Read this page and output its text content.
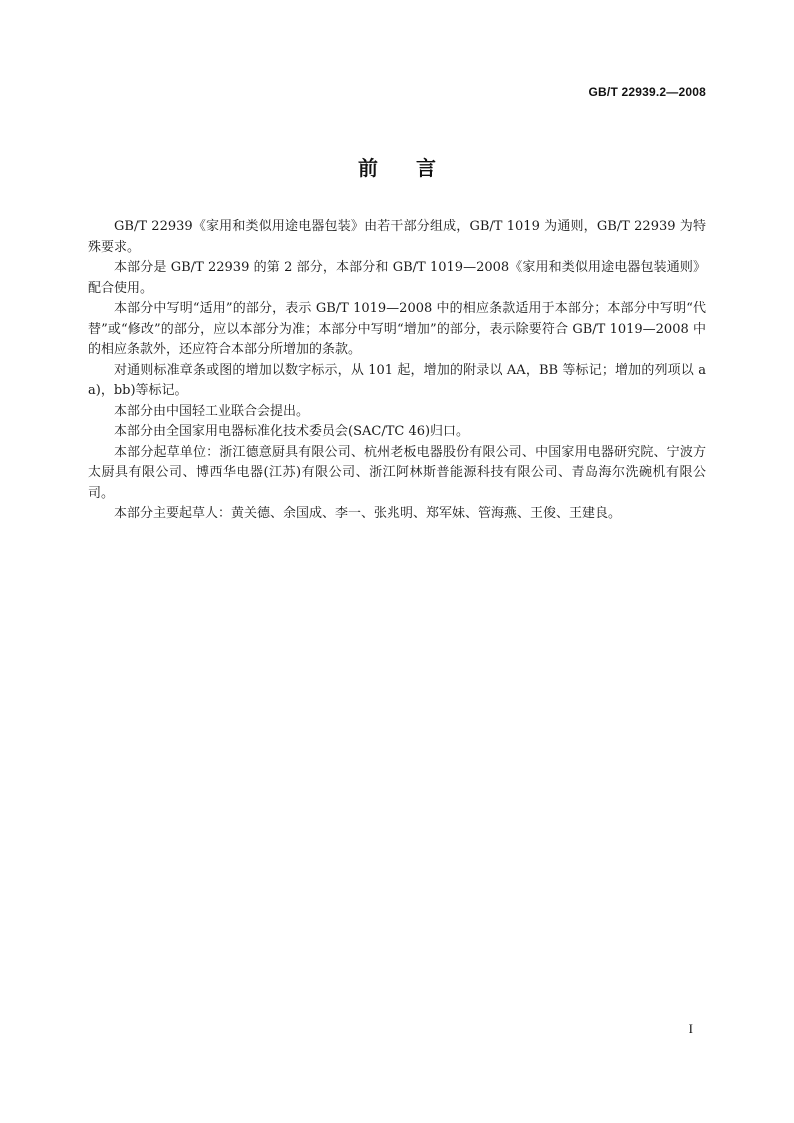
GB/T 22939.2—2008
前言

GB/T 22939《家用和类似用途电器包装》由若干部分组成，GB/T 1019 为通则，GB/T 22939 为特殊要求。

本部分是 GB/T 22939 的第 2 部分，本部分和 GB/T 1019—2008《家用和类似用途电器包装通则》配合使用。

本部分中写明“适用”的部分，表示 GB/T 1019—2008 中的相应条款适用于本部分；本部分中写明“代替”或“修改”的部分，应以本部分为准；本部分中写明“增加”的部分，表示除要符合 GB/T 1019—2008 中的相应条款外，还应符合本部分所增加的条款。

对通则标准章条或图的增加以数字标示，从 101 起，增加的附录以 AA，BB 等标记；增加的列项以 aa)，bb)等标记。

本部分由中国轻工业联合会提出。

本部分由全国家用电器标准化技术委员会(SAC/TC 46)归口。

本部分起草单位：浙江德意厨具有限公司、杭州老板电器股份有限公司、中国家用电器研究院、宁波方太厨具有限公司、博西华电器(江苏)有限公司、浙江阿林斯普能源科技有限公司、青岛海尔洗碗机有限公司。

本部分主要起草人：黄关德、余国成、李一、张兆明、郑军妹、管海燕、王俊、王建良。

I
